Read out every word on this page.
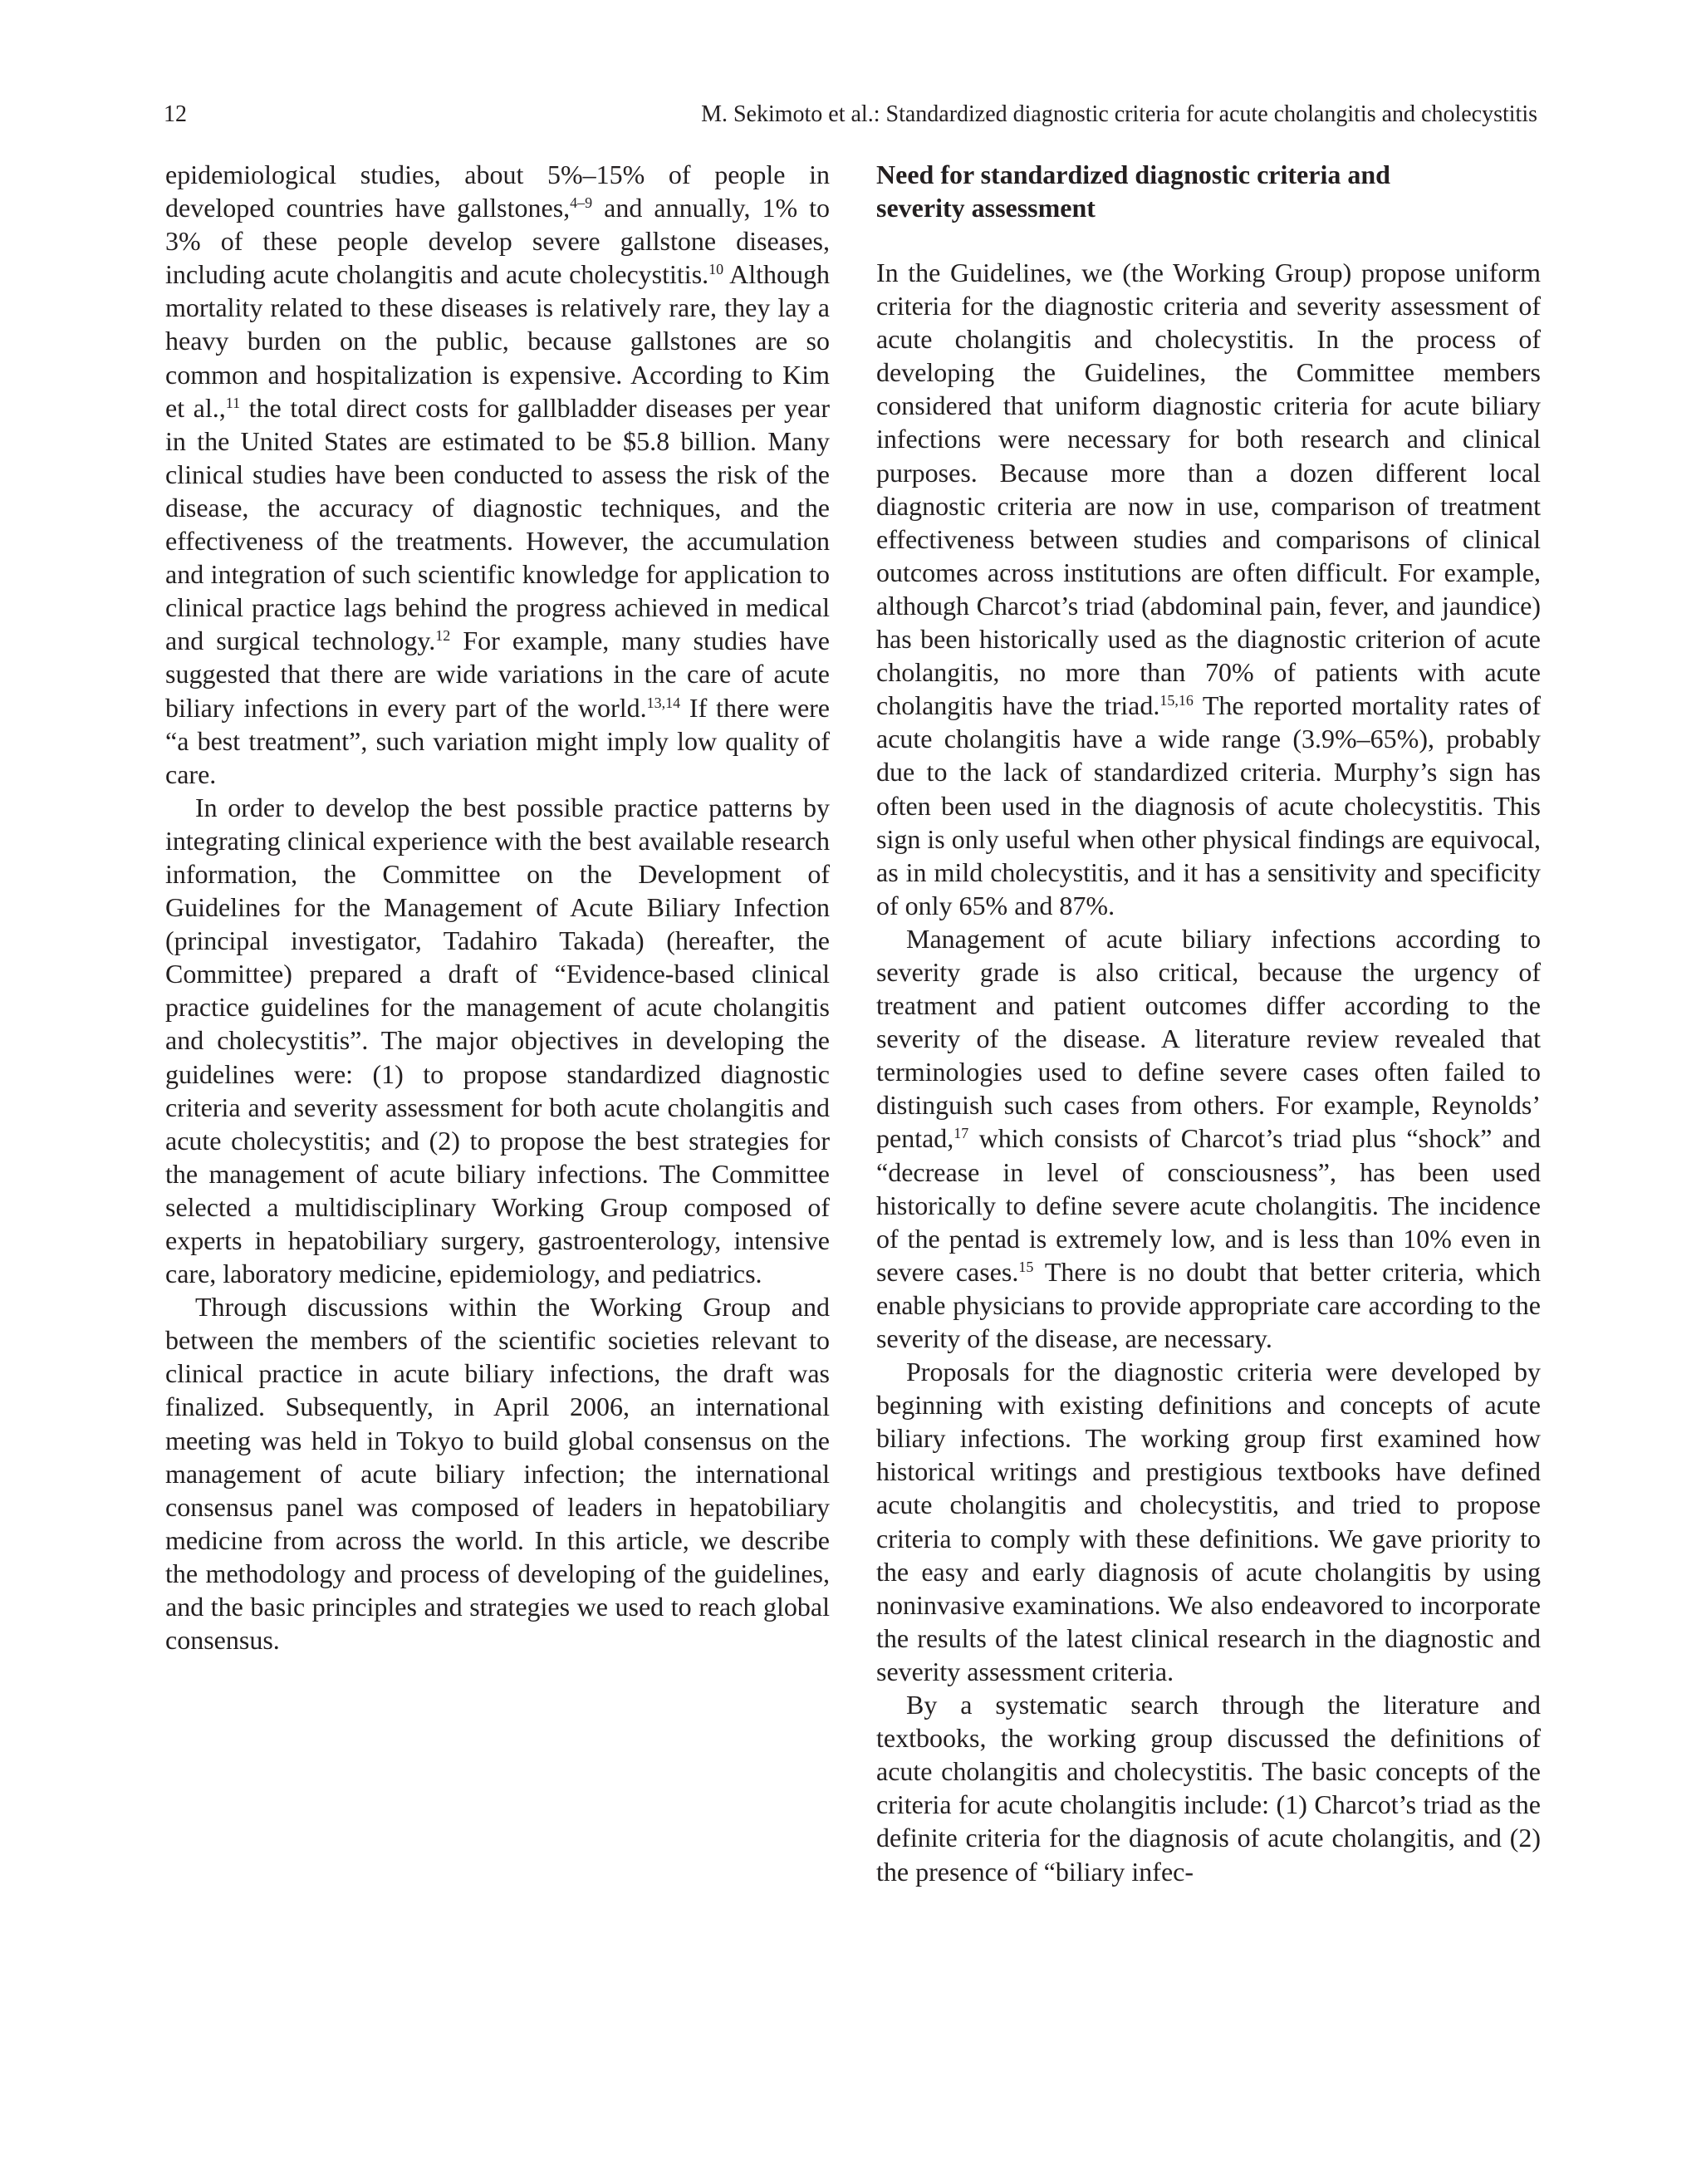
12	M. Sekimoto et al.: Standardized diagnostic criteria for acute cholangitis and cholecystitis

epidemiological studies, about 5%–15% of people in developed countries have gallstones,$^{4-9}$ and annually, 1% to 3% of these people develop severe gallstone diseases, including acute cholangitis and acute cholecystitis.$^{10}$ Although mortality related to these diseases is relatively rare, they lay a heavy burden on the public, because gallstones are so common and hospitalization is expensive. According to Kim et al.,$^{11}$ the total direct costs for gallbladder diseases per year in the United States are estimated to be $5.8 billion. Many clinical studies have been conducted to assess the risk of the disease, the accuracy of diagnostic techniques, and the effectiveness of the treatments. However, the accumulation and integration of such scientific knowledge for application to clinical practice lags behind the progress achieved in medical and surgical technology.$^{12}$ For example, many studies have suggested that there are wide variations in the care of acute biliary infections in every part of the world.$^{13,14}$ If there were “a best treatment”, such variation might imply low quality of care.

In order to develop the best possible practice patterns by integrating clinical experience with the best available research information, the Committee on the Development of Guidelines for the Management of Acute Biliary Infection (principal investigator, Tadahiro Takada) (hereafter, the Committee) prepared a draft of “Evidence-based clinical practice guidelines for the management of acute cholangitis and cholecystitis”. The major objectives in developing the guidelines were: (1) to propose standardized diagnostic criteria and severity assessment for both acute cholangitis and acute cholecystitis; and (2) to propose the best strategies for the management of acute biliary infections. The Committee selected a multidisciplinary Working Group composed of experts in hepatobiliary surgery, gastroenterology, intensive care, laboratory medicine, epidemiology, and pediatrics.

Through discussions within the Working Group and between the members of the scientific societies relevant to clinical practice in acute biliary infections, the draft was finalized. Subsequently, in April 2006, an international meeting was held in Tokyo to build global consensus on the management of acute biliary infection; the international consensus panel was composed of leaders in hepatobiliary medicine from across the world. In this article, we describe the methodology and process of developing of the guidelines, and the basic principles and strategies we used to reach global consensus.

Need for standardized diagnostic criteria and
severity assessment

In the Guidelines, we (the Working Group) propose uniform criteria for the diagnostic criteria and severity assessment of acute cholangitis and cholecystitis. In the process of developing the Guidelines, the Committee members considered that uniform diagnostic criteria for acute biliary infections were necessary for both research and clinical purposes. Because more than a dozen different local diagnostic criteria are now in use, comparison of treatment effectiveness between studies and comparisons of clinical outcomes across institutions are often difficult. For example, although Charcot’s triad (abdominal pain, fever, and jaundice) has been historically used as the diagnostic criterion of acute cholangitis, no more than 70% of patients with acute cholangitis have the triad.$^{15,16}$ The reported mortality rates of acute cholangitis have a wide range (3.9%–65%), probably due to the lack of standardized criteria. Murphy’s sign has often been used in the diagnosis of acute cholecystitis. This sign is only useful when other physical findings are equivocal, as in mild cholecystitis, and it has a sensitivity and specificity of only 65% and 87%.

Management of acute biliary infections according to severity grade is also critical, because the urgency of treatment and patient outcomes differ according to the severity of the disease. A literature review revealed that terminologies used to define severe cases often failed to distinguish such cases from others. For example, Reynolds’ pentad,$^{17}$ which consists of Charcot’s triad plus “shock” and “decrease in level of consciousness”, has been used historically to define severe acute cholangitis. The incidence of the pentad is extremely low, and is less than 10% even in severe cases.$^{15}$ There is no doubt that better criteria, which enable physicians to provide appropriate care according to the severity of the disease, are necessary.

Proposals for the diagnostic criteria were developed by beginning with existing definitions and concepts of acute biliary infections. The working group first examined how historical writings and prestigious textbooks have defined acute cholangitis and cholecystitis, and tried to propose criteria to comply with these definitions. We gave priority to the easy and early diagnosis of acute cholangitis by using noninvasive examinations. We also endeavored to incorporate the results of the latest clinical research in the diagnostic and severity assessment criteria.

By a systematic search through the literature and textbooks, the working group discussed the definitions of acute cholangitis and cholecystitis. The basic concepts of the criteria for acute cholangitis include: (1) Charcot’s triad as the definite criteria for the diagnosis of acute cholangitis, and (2) the presence of “biliary infec-
